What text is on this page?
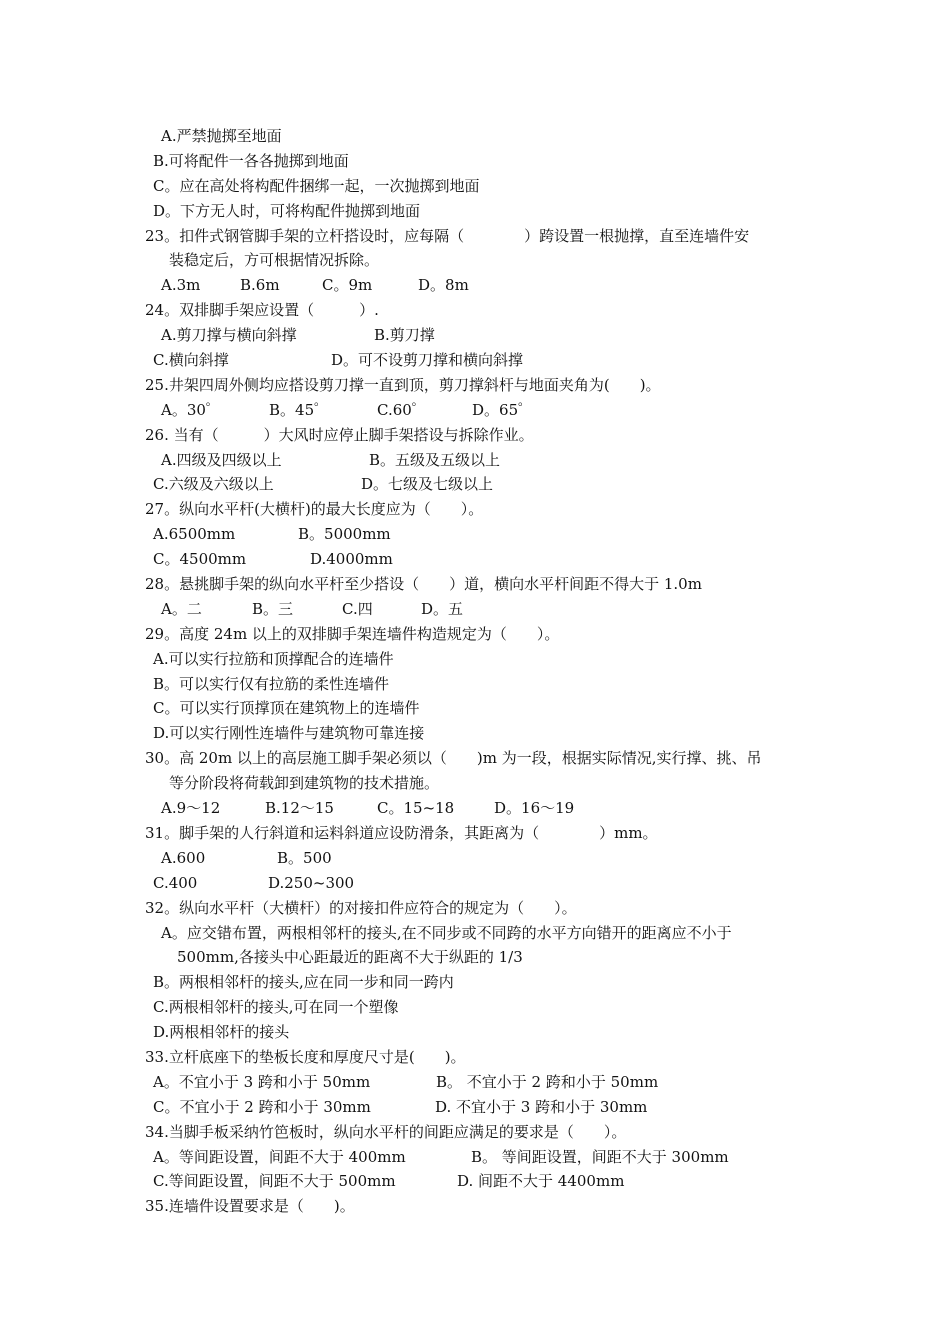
A.严禁抛掷至地面
B.可将配件一各各抛掷到地面
C。应在高处将构配件捆绑一起，一次抛掷到地面
D。下方无人时，可将构配件抛掷到地面
23。扣件式钢管脚手架的立杆搭设时，应每隔（　　　　）跨设置一根抛撑，直至连墙件安
装稳定后，方可根据情况拆除。
A.3m	B.6m	C。9m	D。8m
24。双排脚手架应设置（　　　）.
A.剪刀撑与横向斜撑	B.剪刀撑
C.横向斜撑	D。可不设剪刀撑和横向斜撑
25.井架四周外侧均应搭设剪刀撑一直到顶，剪刀撑斜杆与地面夹角为(　　)。
A。30゜	B。45゜	C.60゜	D。65゜
26. 当有（　　　）大风时应停止脚手架搭设与拆除作业。
A.四级及四级以上	B。五级及五级以上
C.六级及六级以上	D。七级及七级以上
27。纵向水平杆(大横杆)的最大长度应为（　　）。
A.6500mm	B。5000mm
C。4500mm	D.4000mm
28。悬挑脚手架的纵向水平杆至少搭设（　　）道，横向水平杆间距不得大于 1.0m
A。二	B。三	C.四	D。五
29。高度 24m 以上的双排脚手架连墙件构造规定为（　　）。
A.可以实行拉筋和顶撑配合的连墙件
B。可以实行仅有拉筋的柔性连墙件
C。可以实行顶撑顶在建筑物上的连墙件
D.可以实行刚性连墙件与建筑物可靠连接
30。高 20m 以上的高层施工脚手架必须以（　　)m 为一段，根据实际情况,实行撑、挑、吊
等分阶段将荷载卸到建筑物的技术措施。
A.9～12	B.12～15	C。15~18	D。16～19
31。脚手架的人行斜道和运料斜道应设防滑条，其距离为（　　　　）mm。
A.600	B。500
C.400	D.250~300
32。纵向水平杆（大横杆）的对接扣件应符合的规定为（　　）。
A。应交错布置，两根相邻杆的接头,在不同步或不同跨的水平方向错开的距离应不小于
500mm,各接头中心距最近的距离不大于纵距的 1/3
B。两根相邻杆的接头,应在同一步和同一跨内
C.两根相邻杆的接头,可在同一个塑像
D.两根相邻杆的接头
33.立杆底座下的垫板长度和厚度尺寸是(　　)。
A。不宜小于 3 跨和小于 50mm	B。 不宜小于 2 跨和小于 50mm
C。不宜小于 2 跨和小于 30mm	D. 不宜小于 3 跨和小于 30mm
34.当脚手板采纳竹笆板时，纵向水平杆的间距应满足的要求是（　　）。
A。等间距设置，间距不大于 400mm	B。 等间距设置，间距不大于 300mm
C.等间距设置，间距不大于 500mm	D. 间距不大于 4400mm
35.连墙件设置要求是（　　)。
